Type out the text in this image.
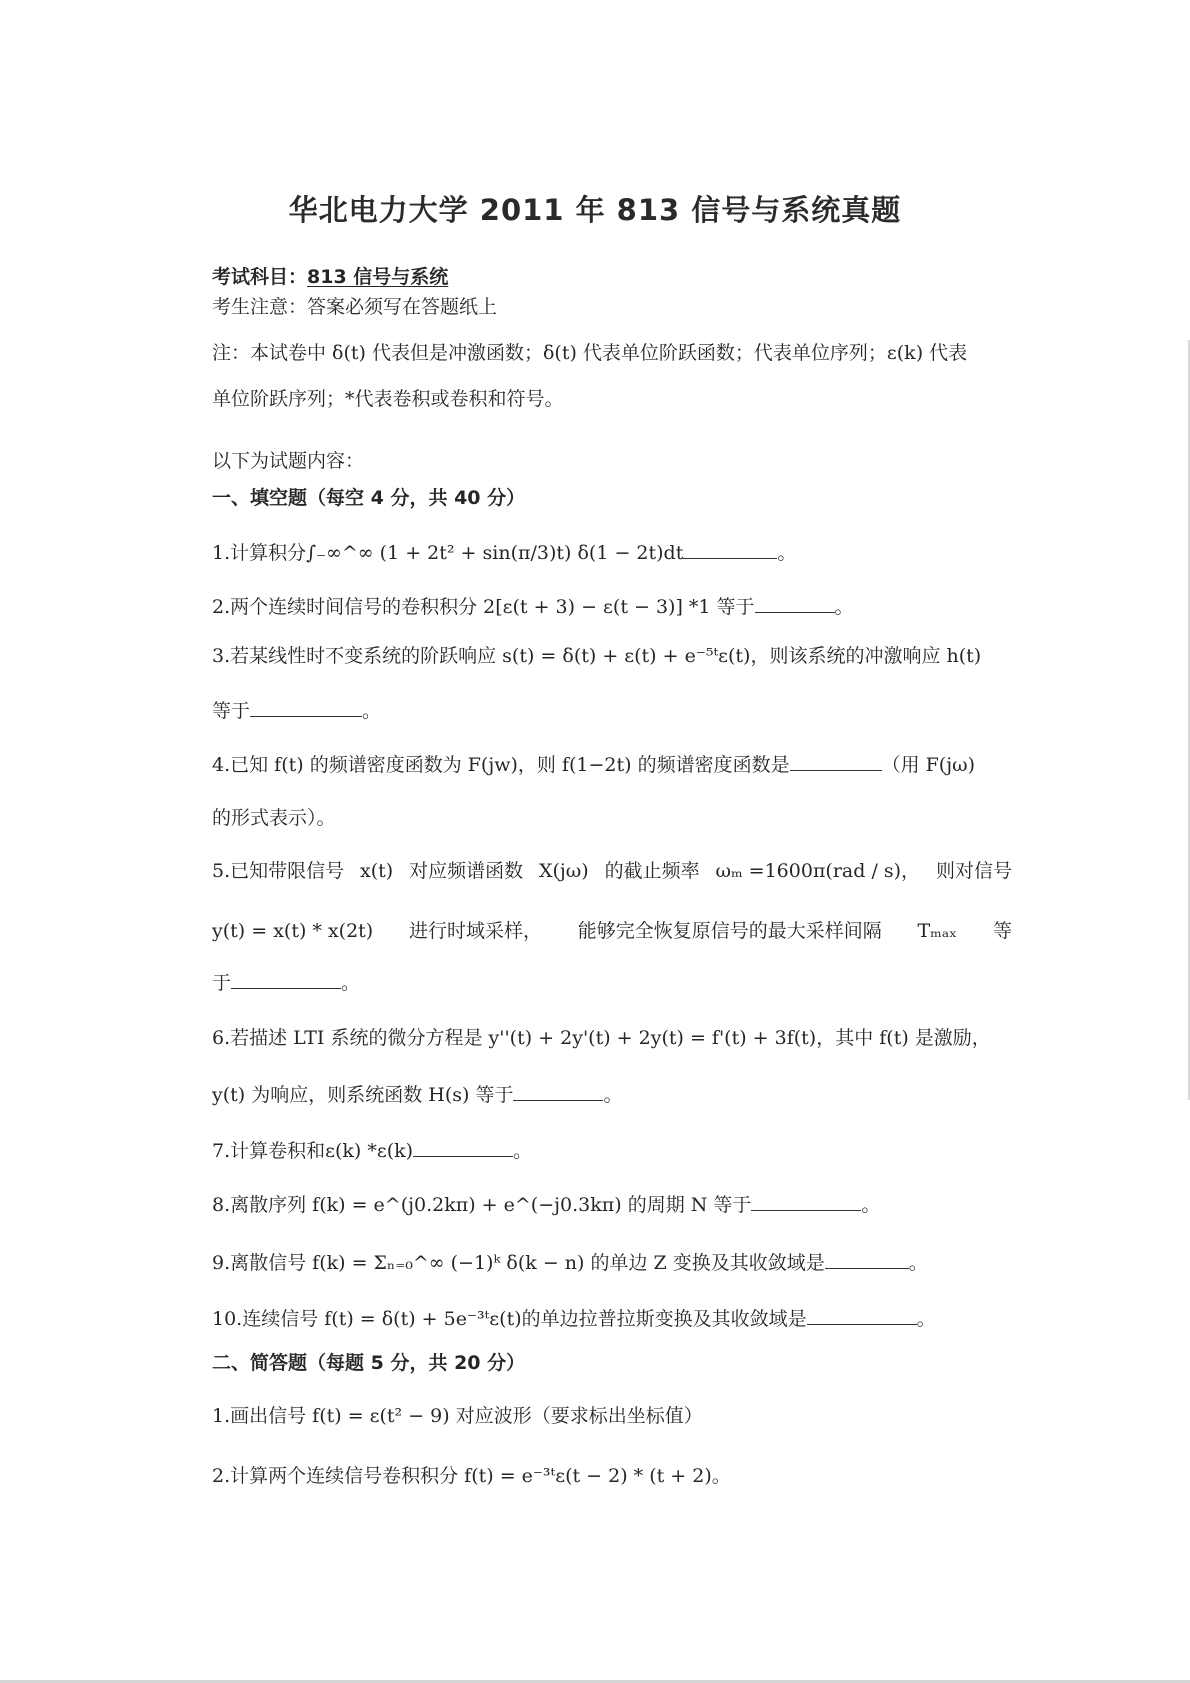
华北电力大学 2011 年 813 信号与系统真题
考试科目：813 信号与系统
考生注意：答案必须写在答题纸上
注：本试卷中 δ(t) 代表但是冲激函数；δ(t) 代表单位阶跃函数；代表单位序列；ε(k) 代表
单位阶跃序列；*代表卷积或卷积和符号。
以下为试题内容：
一、填空题（每空 4 分，共 40 分）
1.计算积分∫₋∞^∞ (1 + 2t² + sin(π/3)t) δ(1 − 2t)dt	。
2.两个连续时间信号的卷积积分 2[ε(t + 3) − ε(t − 3)] *1 等于	。
3.若某线性时不变系统的阶跃响应 s(t) = δ(t) + ε(t) + e⁻⁵ᵗε(t)，则该系统的冲激响应 h(t)
等于	。
4.已知 f(t) 的频谱密度函数为 F(jw)，则 f(1−2t) 的频谱密度函数是	（用 F(jω)
的形式表示）。
5.已知带限信号 x(t) 对应频谱函数 X(jω) 的截止频率 ωₘ =1600π(rad / s)， 则对信号
y(t) = x(t) * x(2t) 进行时域采样， 能够完全恢复原信号的最大采样间隔 Tₘₐₓ 等
于	。
6.若描述 LTI 系统的微分方程是 y''(t) + 2y'(t) + 2y(t) = f'(t) + 3f(t)，其中 f(t) 是激励，
y(t) 为响应，则系统函数 H(s) 等于	。
7.计算卷积和ε(k) *ε(k)	。
8.离散序列 f(k) = e^(j0.2kπ) + e^(−j0.3kπ) 的周期 N 等于	。
9.离散信号 f(k) = Σₙ₌₀^∞ (−1)ᵏ δ(k − n) 的单边 Z 变换及其收敛域是	。
10.连续信号 f(t) = δ(t) + 5e⁻³ᵗε(t)的单边拉普拉斯变换及其收敛域是	。
二、简答题（每题 5 分，共 20 分）
1.画出信号 f(t) = ε(t² − 9) 对应波形（要求标出坐标值）
2.计算两个连续信号卷积积分 f(t) = e⁻³ᵗε(t − 2) * (t + 2)。
